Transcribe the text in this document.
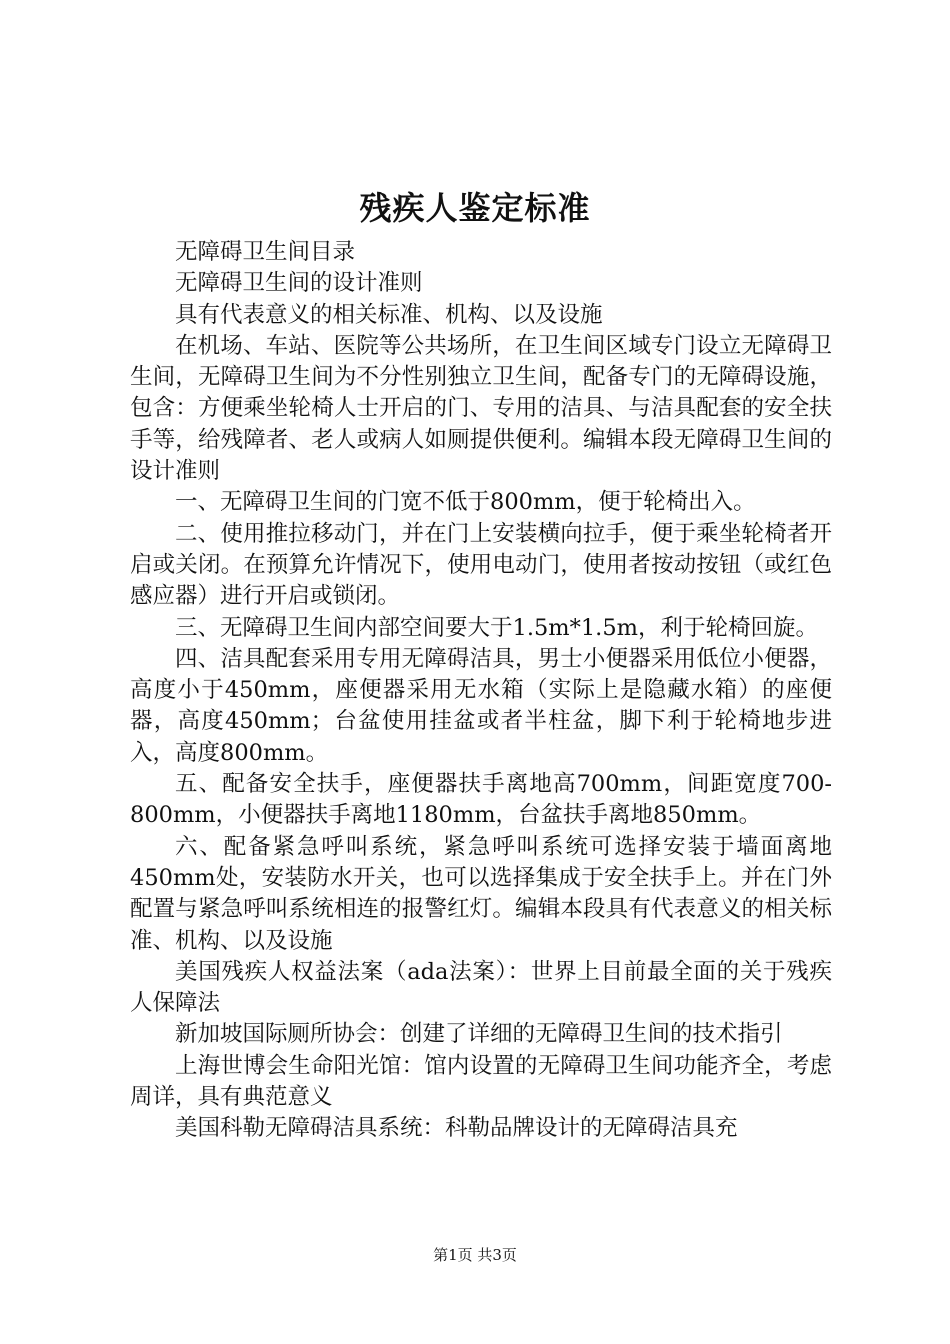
残疾人鉴定标准

无障碍卫生间目录

无障碍卫生间的设计准则

具有代表意义的相关标准、机构、以及设施

在机场、车站、医院等公共场所，在卫生间区域专门设立无障碍卫生间，无障碍卫生间为不分性别独立卫生间，配备专门的无障碍设施，包含：方便乘坐轮椅人士开启的门、专用的洁具、与洁具配套的安全扶手等，给残障者、老人或病人如厕提供便利。编辑本段无障碍卫生间的设计准则

一、无障碍卫生间的门宽不低于800mm，便于轮椅出入。

二、使用推拉移动门，并在门上安装横向拉手，便于乘坐轮椅者开启或关闭。在预算允许情况下，使用电动门，使用者按动按钮（或红色感应器）进行开启或锁闭。

三、无障碍卫生间内部空间要大于1.5m*1.5m，利于轮椅回旋。

四、洁具配套采用专用无障碍洁具，男士小便器采用低位小便器，高度小于450mm，座便器采用无水箱（实际上是隐藏水箱）的座便器，高度450mm；台盆使用挂盆或者半柱盆，脚下利于轮椅地步进入，高度800mm。

五、配备安全扶手，座便器扶手离地高700mm，间距宽度700-800mm，小便器扶手离地1180mm，台盆扶手离地850mm。

六、配备紧急呼叫系统，紧急呼叫系统可选择安装于墙面离地450mm处，安装防水开关，也可以选择集成于安全扶手上。并在门外配置与紧急呼叫系统相连的报警红灯。编辑本段具有代表意义的相关标准、机构、以及设施

美国残疾人权益法案（ada法案）：世界上目前最全面的关于残疾人保障法

新加坡国际厕所协会：创建了详细的无障碍卫生间的技术指引

上海世博会生命阳光馆：馆内设置的无障碍卫生间功能齐全，考虑周详，具有典范意义

美国科勒无障碍洁具系统：科勒品牌设计的无障碍洁具充

第1页 共3页
